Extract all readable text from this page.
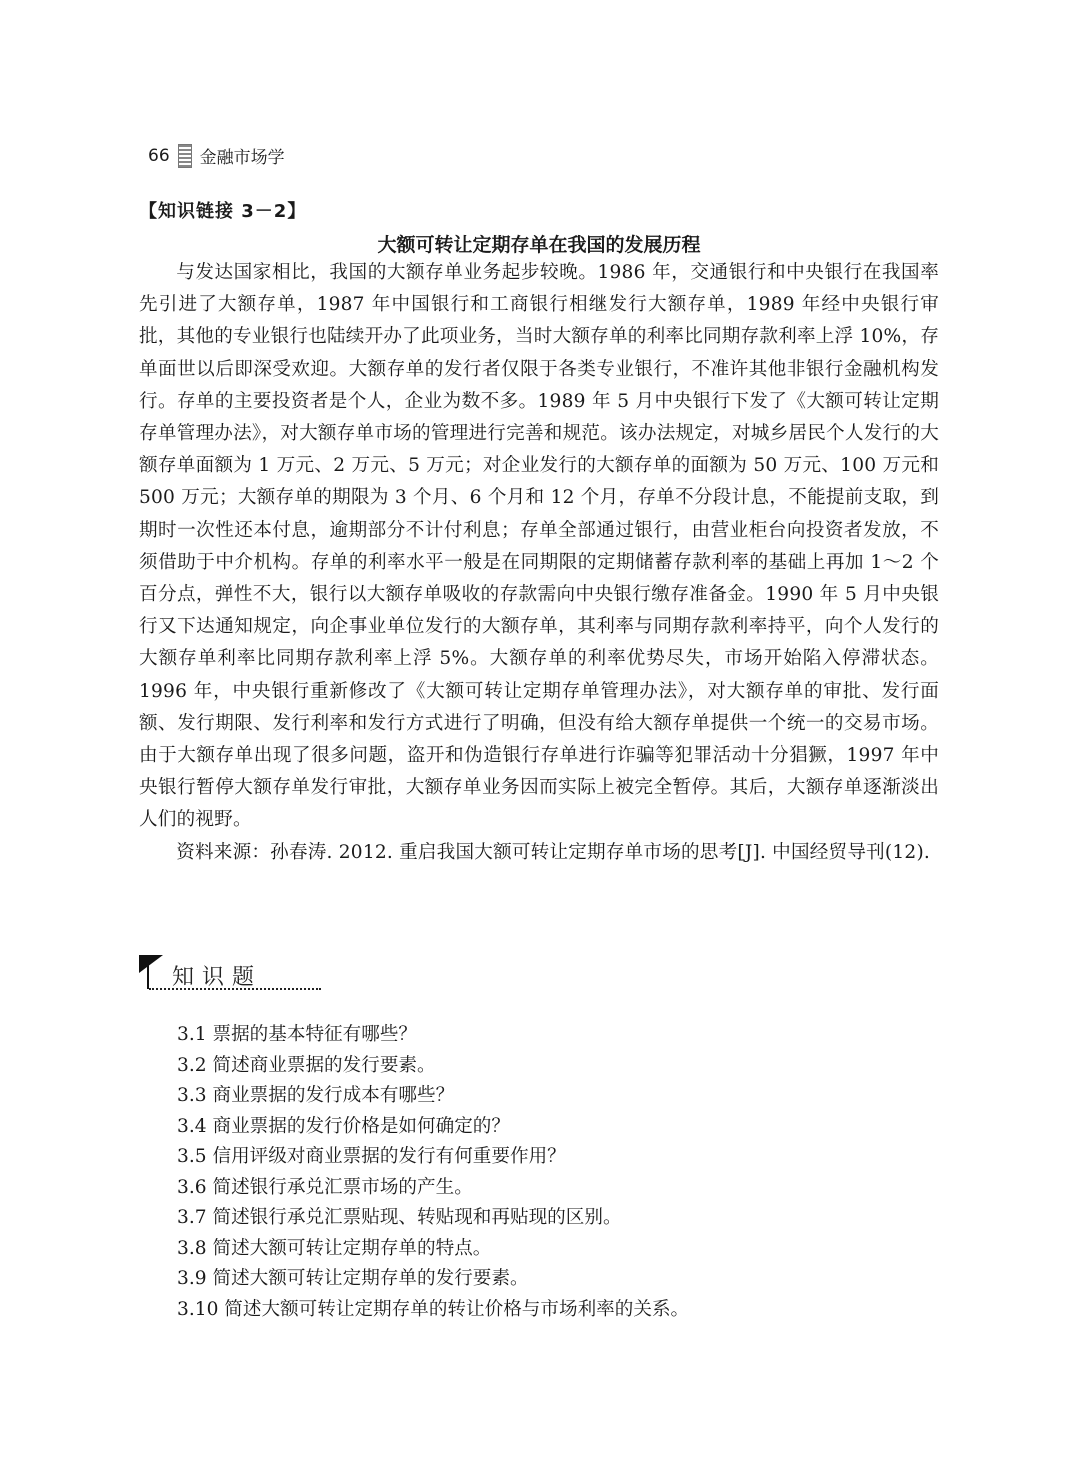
66 金融市场学
【知识链接 3－2】
大额可转让定期存单在我国的发展历程

与发达国家相比，我国的大额存单业务起步较晚。1986 年，交通银行和中央银行在我国率先引进了大额存单，1987 年中国银行和工商银行相继发行大额存单，1989 年经中央银行审批，其他的专业银行也陆续开办了此项业务，当时大额存单的利率比同期存款利率上浮 10%，存单面世以后即深受欢迎。大额存单的发行者仅限于各类专业银行，不准许其他非银行金融机构发行。存单的主要投资者是个人，企业为数不多。1989 年 5 月中央银行下发了《大额可转让定期存单管理办法》，对大额存单市场的管理进行完善和规范。该办法规定，对城乡居民个人发行的大额存单面额为 1 万元、2 万元、5 万元；对企业发行的大额存单的面额为 50 万元、100 万元和 500 万元；大额存单的期限为 3 个月、6 个月和 12 个月，存单不分段计息，不能提前支取，到期时一次性还本付息，逾期部分不计付利息；存单全部通过银行，由营业柜台向投资者发放，不须借助于中介机构。存单的利率水平一般是在同期限的定期储蓄存款利率的基础上再加 1～2 个百分点，弹性不大，银行以大额存单吸收的存款需向中央银行缴存准备金。1990 年 5 月中央银行又下达通知规定，向企事业单位发行的大额存单，其利率与同期存款利率持平，向个人发行的大额存单利率比同期存款利率上浮 5%。大额存单的利率优势尽失，市场开始陷入停滞状态。1996 年，中央银行重新修改了《大额可转让定期存单管理办法》，对大额存单的审批、发行面额、发行期限、发行利率和发行方式进行了明确，但没有给大额存单提供一个统一的交易市场。由于大额存单出现了很多问题，盗开和伪造银行存单进行诈骗等犯罪活动十分猖獗，1997 年中央银行暂停大额存单发行审批，大额存单业务因而实际上被完全暂停。其后，大额存单逐渐淡出人们的视野。

资料来源：孙春涛. 2012. 重启我国大额可转让定期存单市场的思考[J]. 中国经贸导刊(12).

知识题
3.1 票据的基本特征有哪些？
3.2 简述商业票据的发行要素。
3.3 商业票据的发行成本有哪些？
3.4 商业票据的发行价格是如何确定的？
3.5 信用评级对商业票据的发行有何重要作用？
3.6 简述银行承兑汇票市场的产生。
3.7 简述银行承兑汇票贴现、转贴现和再贴现的区别。
3.8 简述大额可转让定期存单的特点。
3.9 简述大额可转让定期存单的发行要素。
3.10 简述大额可转让定期存单的转让价格与市场利率的关系。
